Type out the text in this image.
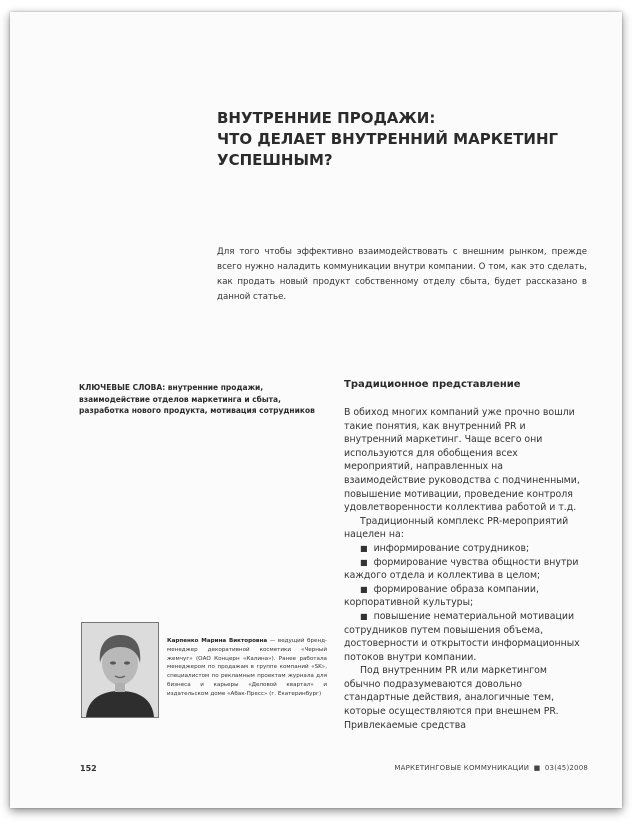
ВНУТРЕННИЕ ПРОДАЖИ:
ЧТО ДЕЛАЕТ ВНУТРЕННИЙ МАРКЕТИНГ
УСПЕШНЫМ?

Для того чтобы эффективно взаимодействовать с внешним рынком, прежде всего нужно наладить коммуникации внутри компании. О том, как это сделать, как продать новый продукт собственному отделу сбыта, будет рассказано в данной статье.

КЛЮЧЕВЫЕ СЛОВА: внутренние продажи, взаимодействие отделов маркетинга и сбыта, разработка нового продукта, мотивация сотрудников

Традиционное представление

В обиход многих компаний уже прочно вошли такие понятия, как внутренний PR и внутренний маркетинг. Чаще всего они используются для обобщения всех мероприятий, направленных на взаимодействие руководства с подчиненными, повышение мотивации, проведение контроля удовлетворенности коллектива работой и т.д.

Традиционный комплекс PR-мероприятий нацелен на:

■ информирование сотрудников;

■ формирование чувства общности внутри каждого отдела и коллектива в целом;

■ формирование образа компании, корпоративной культуры;

■ повышение нематериальной мотивации сотрудников путем повышения объема, достоверности и открытости информационных потоков внутри компании.

Под внутренним PR или маркетингом обычно подразумеваются довольно стандартные действия, аналогичные тем, которые осуществляются при внешнем PR. Привлекаемые средства

Карпенко Марина Викторовна — ведущий бренд-менеджер декоративной косметики «Черный жемчуг» (ОАО Концерн «Калина»). Ранее работала менеджером по продажам в группе компаний «SK», специалистом по рекламным проектам журнала для бизнеса и карьеры «Деловой квартал» и издательском доме «Абак-Пресс» (г. Екатеринбург)

152	МАРКЕТИНГОВЫЕ КОММУНИКАЦИИ ■ 03(45)2008
